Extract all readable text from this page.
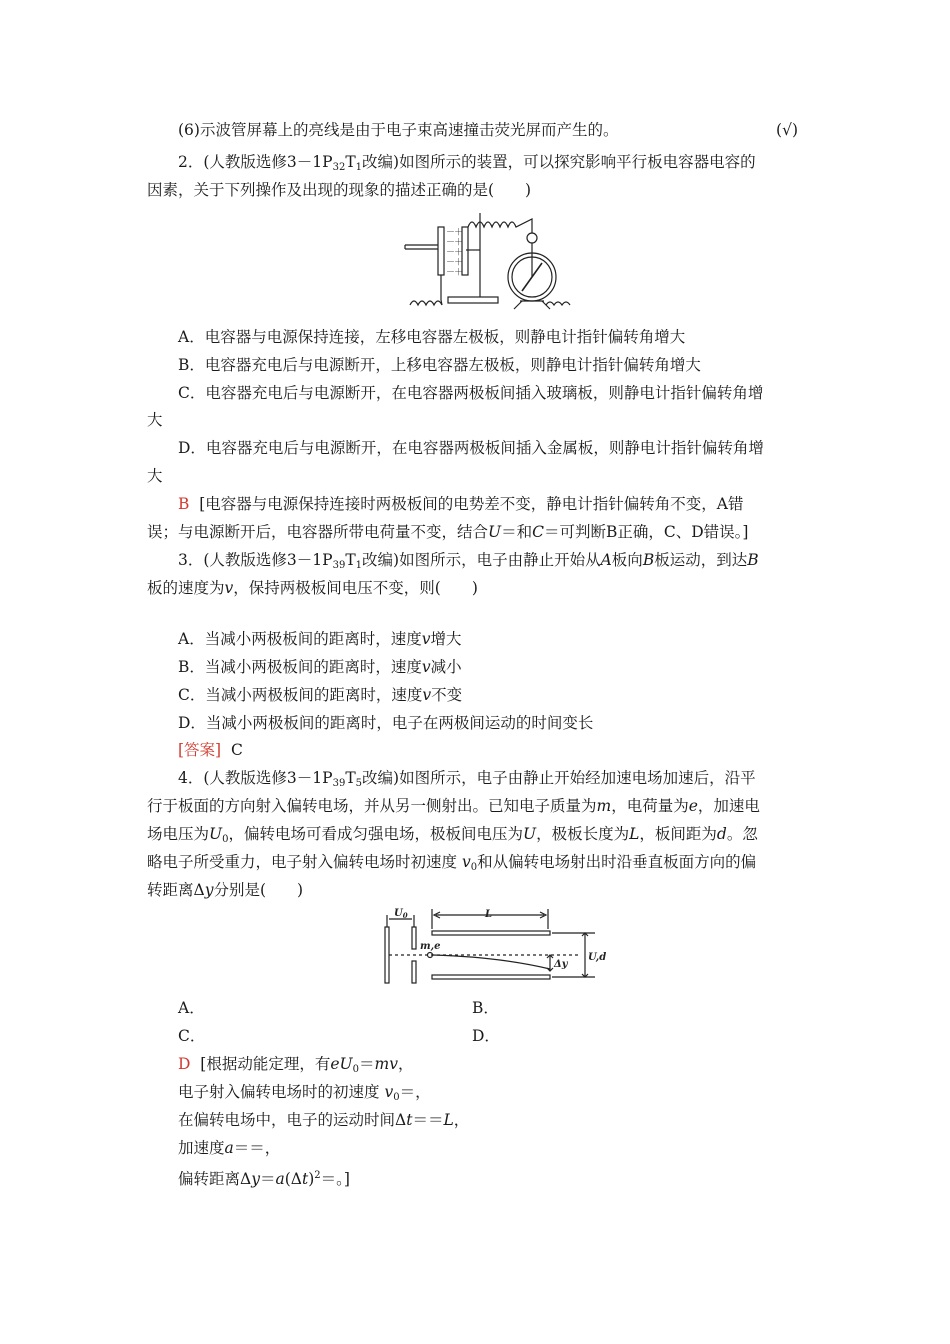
(6)示波管屏幕上的亮线是由于电子束高速撞击荧光屏而产生的。	(√)
2．(人教版选修$3-1P_{32}T_1$改编)如图所示的装置，可以探究影响平行板电容器电容的
因素，关于下列操作及出现的现象的描述正确的是(　　)
－
－
－
－
－
＋
＋
＋
＋
＋
A．电容器与电源保持连接，左移电容器左极板，则静电计指针偏转角增大
B．电容器充电后与电源断开，上移电容器左极板，则静电计指针偏转角增大
C．电容器充电后与电源断开，在电容器两极板间插入玻璃板，则静电计指针偏转角增
大
D．电容器充电后与电源断开，在电容器两极板间插入金属板，则静电计指针偏转角增
大
B [电容器与电源保持连接时两极板间的电势差不变，静电计指针偏转角不变，A错
误；与电源断开后，电容器所带电荷量不变，结合U＝和C＝可判断B正确，C、D错误。]
3．(人教版选修$3-1P_{39}T_1$改编)如图所示，电子由静止开始从A板向B板运动，到达B
板的速度为v，保持两极板间电压不变，则(　　)
A．当减小两极板间的距离时，速度v增大
B．当减小两极板间的距离时，速度v减小
C．当减小两极板间的距离时，速度v不变
D．当减小两极板间的距离时，电子在两极间运动的时间变长
[答案] C
4．(人教版选修$3-1P_{39}T_5$改编)如图所示，电子由静止开始经加速电场加速后，沿平
行于板面的方向射入偏转电场，并从另一侧射出。已知电子质量为m，电荷量为e，加速电
场电压为$U_0$，偏转电场可看成匀强电场，极板间电压为U，极板长度为L，板间距为d。忽
略电子所受重力，电子射入偏转电场时初速度 $v_0$和从偏转电场射出时沿垂直板面方向的偏
转距离Δy分别是(　　)
$U_0$	L
m,e
U,d
Δy
A．	B．
C．	D．
D [根据动能定理，有$eU_0=mv$，
电子射入偏转电场时的初速度 $v_0=$，
在偏转电场中，电子的运动时间Δt＝＝L，
加速度a＝＝，
偏转距离$\Delta y=a(\Delta t)^2=$。]
